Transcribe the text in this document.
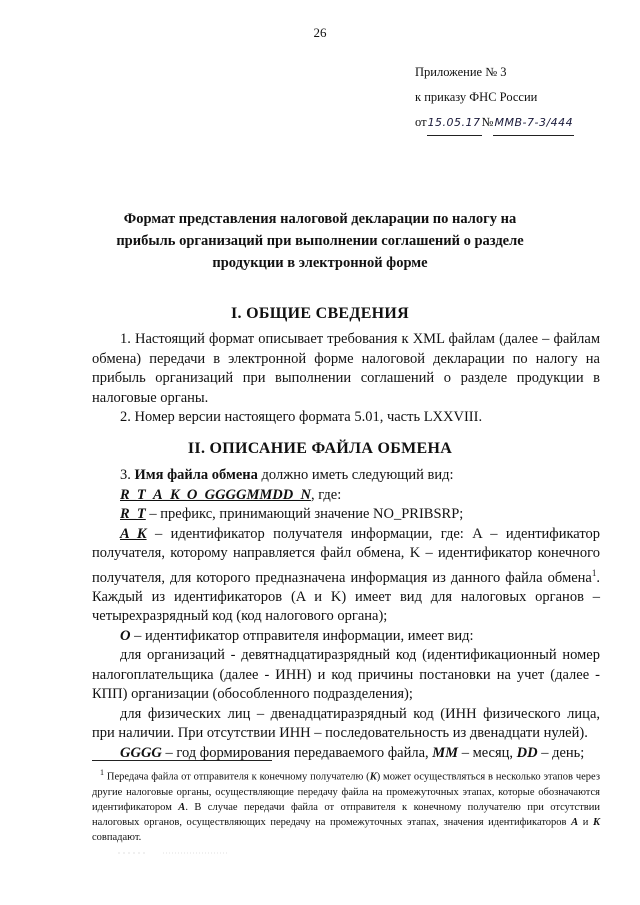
26
Приложение № 3
к приказу ФНС России
от 15.05.17 № ММВ-7-3/444
Формат представления налоговой декларации по налогу на
прибыль организаций при выполнении соглашений о разделе
продукции в электронной форме
I. ОБЩИЕ СВЕДЕНИЯ

1. Настоящий формат описывает требования к XML файлам (далее – файлам обмена) передачи в электронной форме налоговой декларации по налогу на прибыль организаций при выполнении соглашений о разделе продукции в налоговые органы.

2. Номер версии настоящего формата 5.01, часть LXXVIII.

II. ОПИСАНИЕ ФАЙЛА ОБМЕНА

3. Имя файла обмена должно иметь следующий вид:

R_T_A_K_O_GGGGMMDD_N, где:

R_T – префикс, принимающий значение NO_PRIBSRP;

A_K – идентификатор получателя информации, где: A – идентификатор получателя, которому направляется файл обмена, K – идентификатор конечного получателя, для которого предназначена информация из данного файла обмена$^1$. Каждый из идентификаторов (A и K) имеет вид для налоговых органов – четырехразрядный код (код налогового органа);

O – идентификатор отправителя информации, имеет вид:

для организаций - девятнадцатиразрядный код (идентификационный номер налогоплательщика (далее - ИНН) и код причины постановки на учет (далее - КПП) организации (обособленного подразделения);

для физических лиц – двенадцатиразрядный код (ИНН физического лица, при наличии. При отсутствии ИНН – последовательность из двенадцати нулей).

GGGG – год формирования передаваемого файла, MM – месяц, DD – день;

$^1$ Передача файла от отправителя к конечному получателю (K) может осуществляться в несколько этапов через другие налоговые органы, осуществляющие передачу файла на промежуточных этапах, которые обозначаются идентификатором A. В случае передачи файла от отправителя к конечному получателю при отсутствии налоговых органов, осуществляющих передачу на промежуточных этапах, значения идентификаторов A и K совпадают.
